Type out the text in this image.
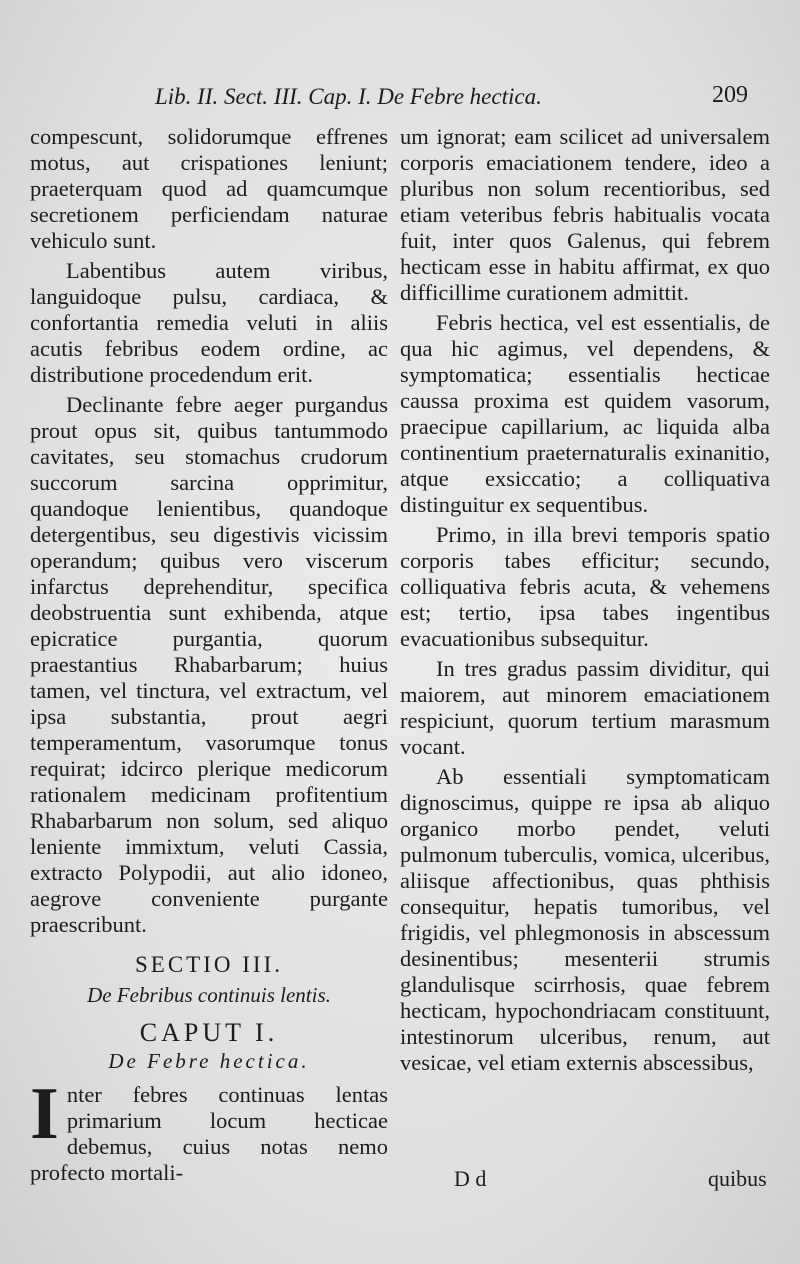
Lib. II. Sect. III. Cap. I. De Febre hectica.	209

compescunt, solidorumque effrenes motus, aut crispationes leniunt; praeterquam quod ad quamcumque secretionem perficiendam naturae vehiculo sunt.

Labentibus autem viribus, languidoque pulsu, cardiaca, & confortantia remedia veluti in aliis acutis febribus eodem ordine, ac distributione procedendum erit.

Declinante febre aeger purgandus prout opus sit, quibus tantummodo cavitates, seu stomachus crudorum succorum sarcina opprimitur, quandoque lenientibus, quandoque detergentibus, seu digestivis vicissim operandum; quibus vero viscerum infarctus deprehenditur, specifica deobstruentia sunt exhibenda, atque epicratice purgantia, quorum praestantius Rhabarbarum; huius tamen, vel tinctura, vel extractum, vel ipsa substantia, prout aegri temperamentum, vasorumque tonus requirat; idcirco plerique medicorum rationalem medicinam profitentium Rhabarbarum non solum, sed aliquo leniente immixtum, veluti Cassia, extracto Polypodii, aut alio idoneo, aegrove conveniente purgante praescribunt.

SECTIO III.
De Febribus continuis lentis.
CAPUT I.
De Febre hectica.
I nter febres continuas lentas primarium locum hecticae debemus, cuius notas nemo profecto mortali-

um ignorat; eam scilicet ad universalem corporis emaciationem tendere, ideo a pluribus non solum recentioribus, sed etiam veteribus febris habitualis vocata fuit, inter quos Galenus, qui febrem hecticam esse in habitu affirmat, ex quo difficillime curationem admittit.

Febris hectica, vel est essentialis, de qua hic agimus, vel dependens, & symptomatica; essentialis hecticae caussa proxima est quidem vasorum, praecipue capillarium, ac liquida alba continentium praeternaturalis exinanitio, atque exsiccatio; a colliquativa distinguitur ex sequentibus.

Primo, in illa brevi temporis spatio corporis tabes efficitur; secundo, colliquativa febris acuta, & vehemens est; tertio, ipsa tabes ingentibus evacuationibus subsequitur.

In tres gradus passim dividitur, qui maiorem, aut minorem emaciationem respiciunt, quorum tertium marasmum vocant.

Ab essentiali symptomaticam dignoscimus, quippe re ipsa ab aliquo organico morbo pendet, veluti pulmonum tuberculis, vomica, ulceribus, aliisque affectionibus, quas phthisis consequitur, hepatis tumoribus, vel frigidis, vel phlegmonosis in abscessum desinentibus; mesenterii strumis glandulisque scirrhosis, quae febrem hecticam, hypochondriacam constituunt, intestinorum ulceribus, renum, aut vesicae, vel etiam externis abscessibus,

D d	quibus
